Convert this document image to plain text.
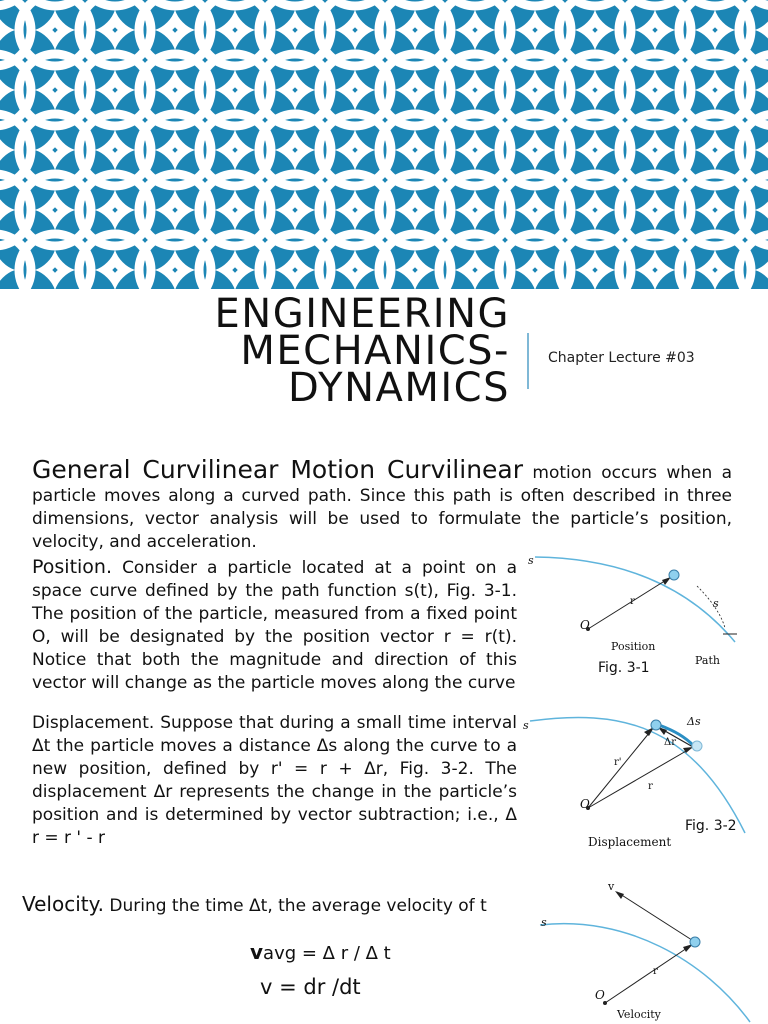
ENGINEERING
MECHANICS-
DYNAMICS
Chapter Lecture #03
General Curvilinear Motion Curvilinear motion occurs when a particle moves along a curved path. Since this path is often described in three dimensions, vector analysis will be used to formulate the particle’s position, velocity, and acceleration.
Position. Consider a particle located at a point on a space curve defined by the path function s(t), Fig. 3-1. The position of the particle, measured from a fixed point O, will be designated by the position vector r = r(t). Notice that both the magnitude and direction of this vector will change as the particle moves along the curve
Displacement. Suppose that during a small time interval Δt the particle moves a distance Δs along the curve to a new position, defined by r' = r + Δr, Fig. 3-2. The displacement Δr represents the change in the particle’s position and is determined by vector subtraction; i.e., Δ r = r ' - r
Velocity. During the time Δt, the average velocity of t
vavg = Δ r / Δ t
v = dr /dt
s
s
O
r
Position
Path
Fig. 3-1
s
O
r'
r
Δr
Δs
Displacement
Fig. 3-2
s
v
O
r
Velocity
